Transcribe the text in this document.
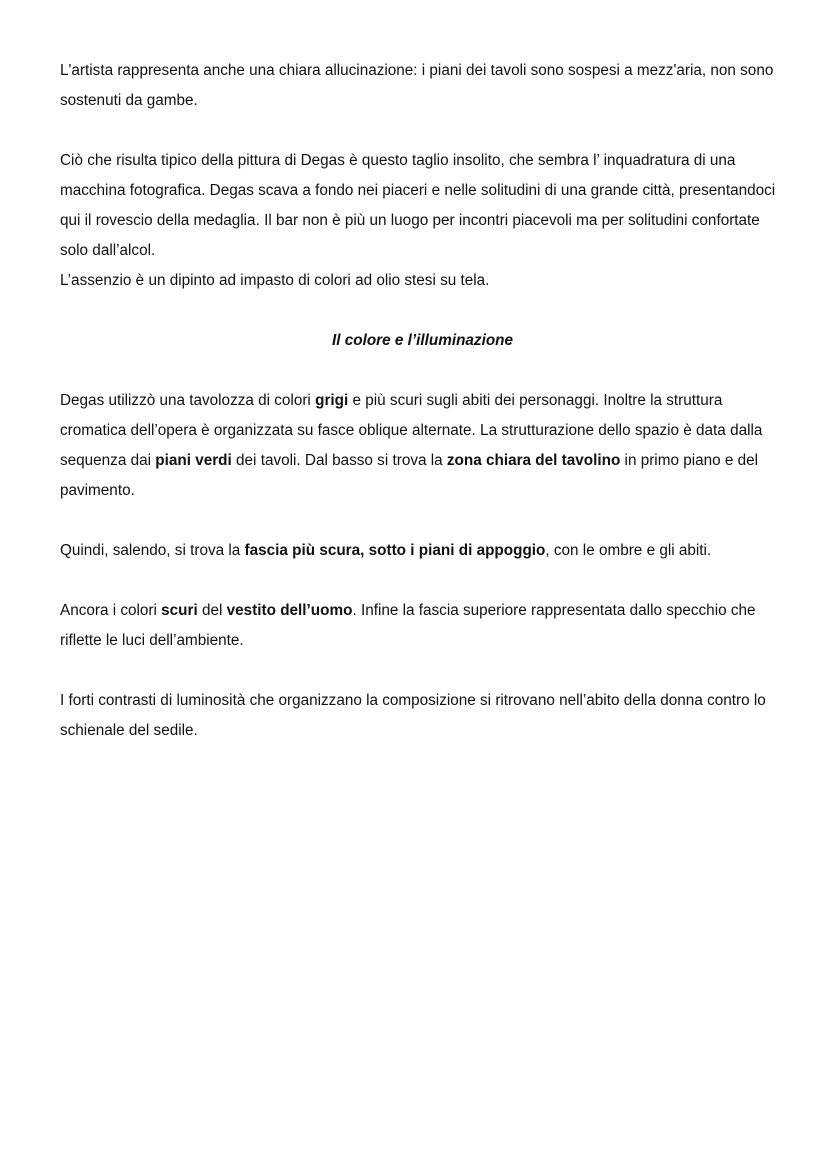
L'artista rappresenta anche una chiara allucinazione: i piani dei tavoli sono sospesi a mezz'aria, non sono sostenuti da gambe.

Ciò che risulta tipico della pittura di Degas è questo taglio insolito, che sembra l’ inquadratura di una macchina fotografica. Degas scava a fondo nei piaceri e nelle solitudini di una grande città, presentandoci qui il rovescio della medaglia. Il bar non è più un luogo per incontri piacevoli ma per solitudini confortate solo dall’alcol.

L’assenzio è un dipinto ad impasto di colori ad olio stesi su tela.

Il colore e l’illuminazione

Degas utilizzò una tavolozza di colori grigi e più scuri sugli abiti dei personaggi. Inoltre la struttura cromatica dell’opera è organizzata su fasce oblique alternate. La strutturazione dello spazio è data dalla sequenza dai piani verdi dei tavoli. Dal basso si trova la zona chiara del tavolino in primo piano e del pavimento.

Quindi, salendo, si trova la fascia più scura, sotto i piani di appoggio, con le ombre e gli abiti.

Ancora i colori scuri del vestito dell’uomo. Infine la fascia superiore rappresentata dallo specchio che riflette le luci dell’ambiente.

I forti contrasti di luminosità che organizzano la composizione si ritrovano nell’abito della donna contro lo schienale del sedile.
